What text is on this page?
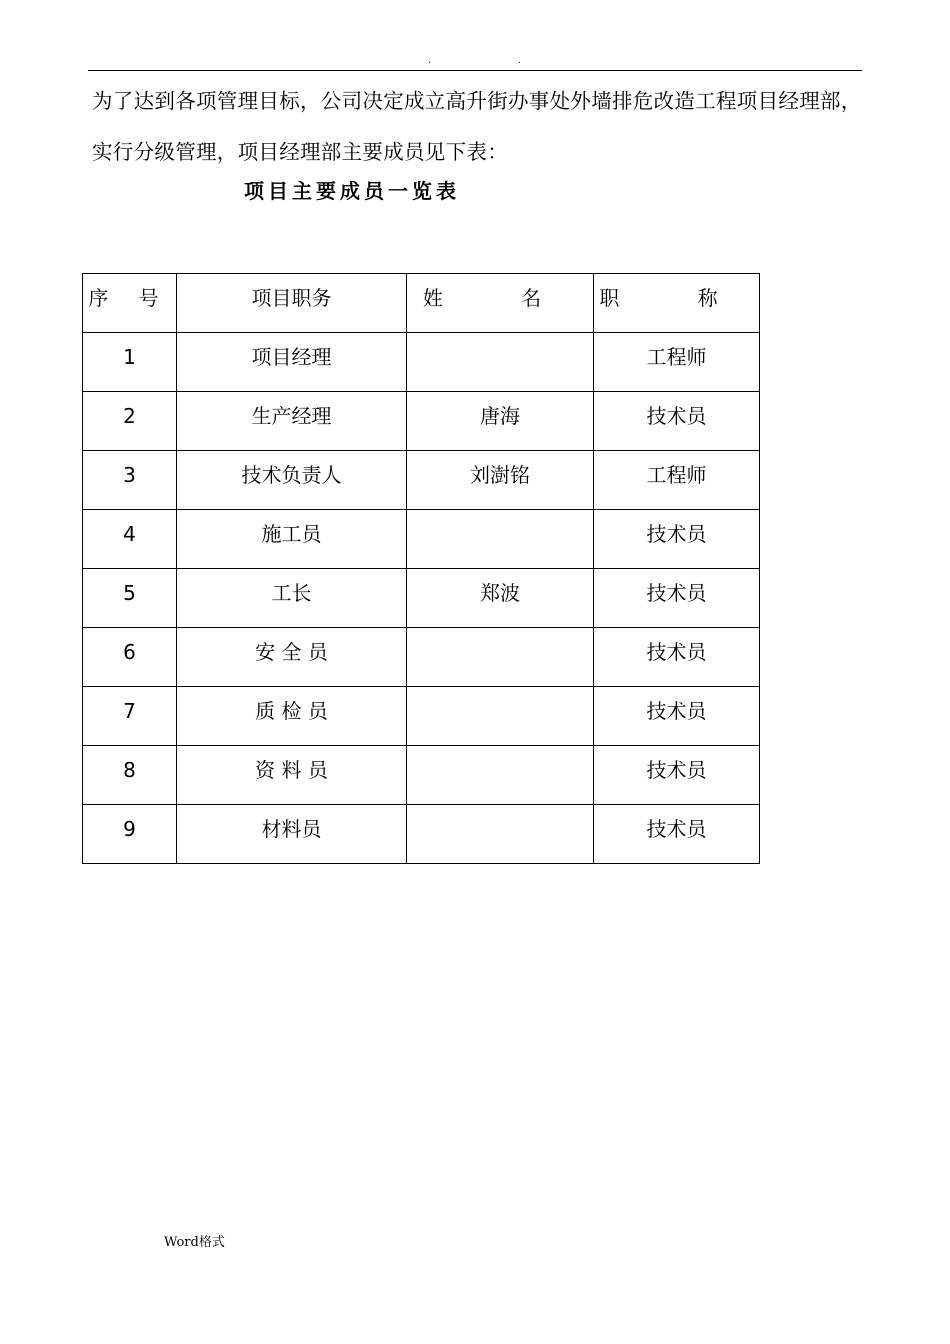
.	.

为了达到各项管理目标，公司决定成立高升街办事处外墙排危改造工程项目经理部，实行分级管理，项目经理部主要成员见下表：

项目主要成员一览表

序 号	项目职务	姓 名	职 称

1	项目经理		工程师

2	生产经理	唐海	技术员

3	技术负责人	刘澍铭	工程师

4	施工员		技术员

5	工长	郑波	技术员

6	安 全 员		技术员

7	质 检 员		技术员

8	资 料 员		技术员

9	材料员		技术员
Word格式
